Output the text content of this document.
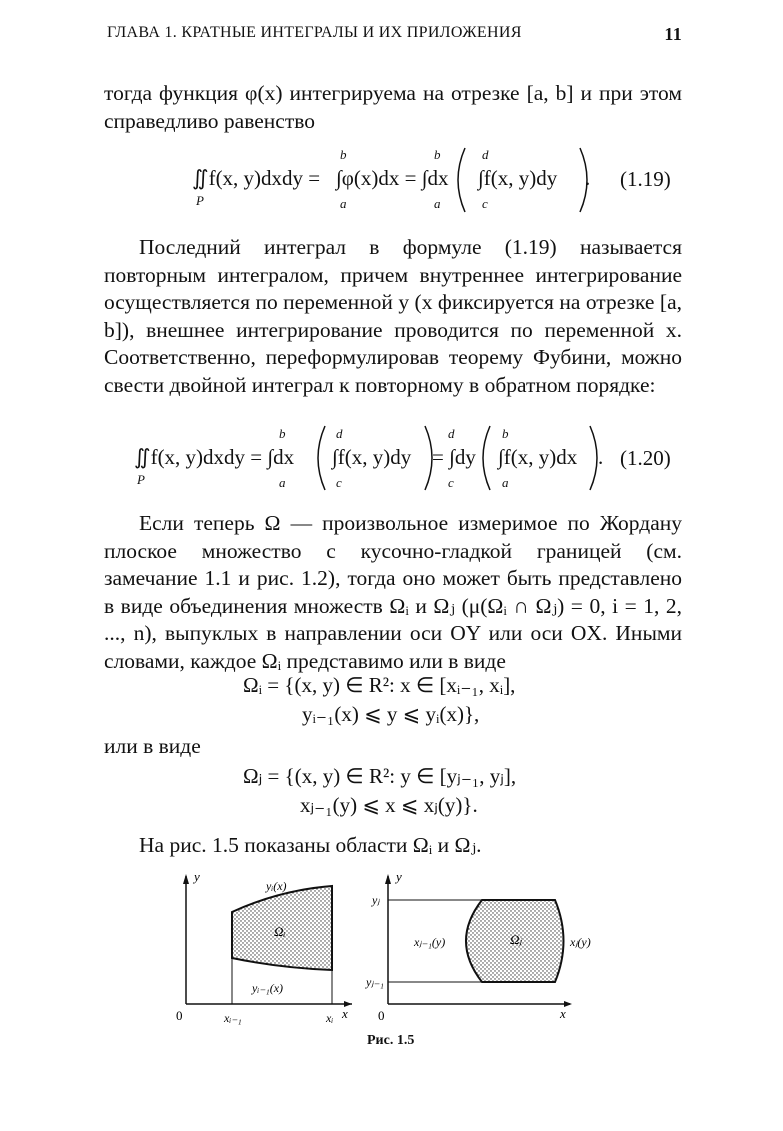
ГЛАВА 1. КРАТНЫЕ ИНТЕГРАЛЫ И ИХ ПРИЛОЖЕНИЯ	11
тогда функция φ(x) интегрируема на отрезке [a, b] и при этом справедливо равенство
∬f(x, y)dxdy = ∫φ(x)dx = ∫dx ∫f(x, y)dy .
P
b
a
b
a
d
c
(1.19)
Последний интеграл в формуле (1.19) называется повторным интегралом, причем внутреннее интегрирование осуществляется по переменной y (x фиксируется на отрезке [a, b]), внешнее интегрирование проводится по переменной x. Соответственно, переформулировав теорему Фубини, можно свести двойной интеграл к повторному в обратном порядке:
∬f(x, y)dxdy = ∫dx ∫f(x, y)dy = ∫dy ∫f(x, y)dx .
P
b
a
d
c
d
c
b
a
(1.20)
Если теперь Ω — произвольное измеримое по Жордану плоское множество с кусочно-гладкой границей (см. замечание 1.1 и рис. 1.2), тогда оно может быть представлено в виде объединения множеств Ωᵢ и Ωⱼ (μ(Ωᵢ ∩ Ωⱼ) = 0, i = 1, 2, ..., n), выпуклых в направлении оси OY или оси OX. Иными словами, каждое Ωᵢ представимо или в виде
Ωᵢ = {(x, y) ∈ R²: x ∈ [xᵢ₋₁, xᵢ],
yᵢ₋₁(x) ⩽ y ⩽ yᵢ(x)},
или в виде
Ωⱼ = {(x, y) ∈ R²: y ∈ [yⱼ₋₁, yⱼ],
xⱼ₋₁(y) ⩽ x ⩽ xⱼ(y)}.
На рис. 1.5 показаны области Ωᵢ и Ωⱼ.
y
x
0
yᵢ(x)
yᵢ₋₁(x)
Ωᵢ
xᵢ₋₁	xᵢ
y
x
0
yⱼ
yⱼ₋₁
xⱼ₋₁(y)	xⱼ(y)
Ωⱼ
Рис. 1.5
